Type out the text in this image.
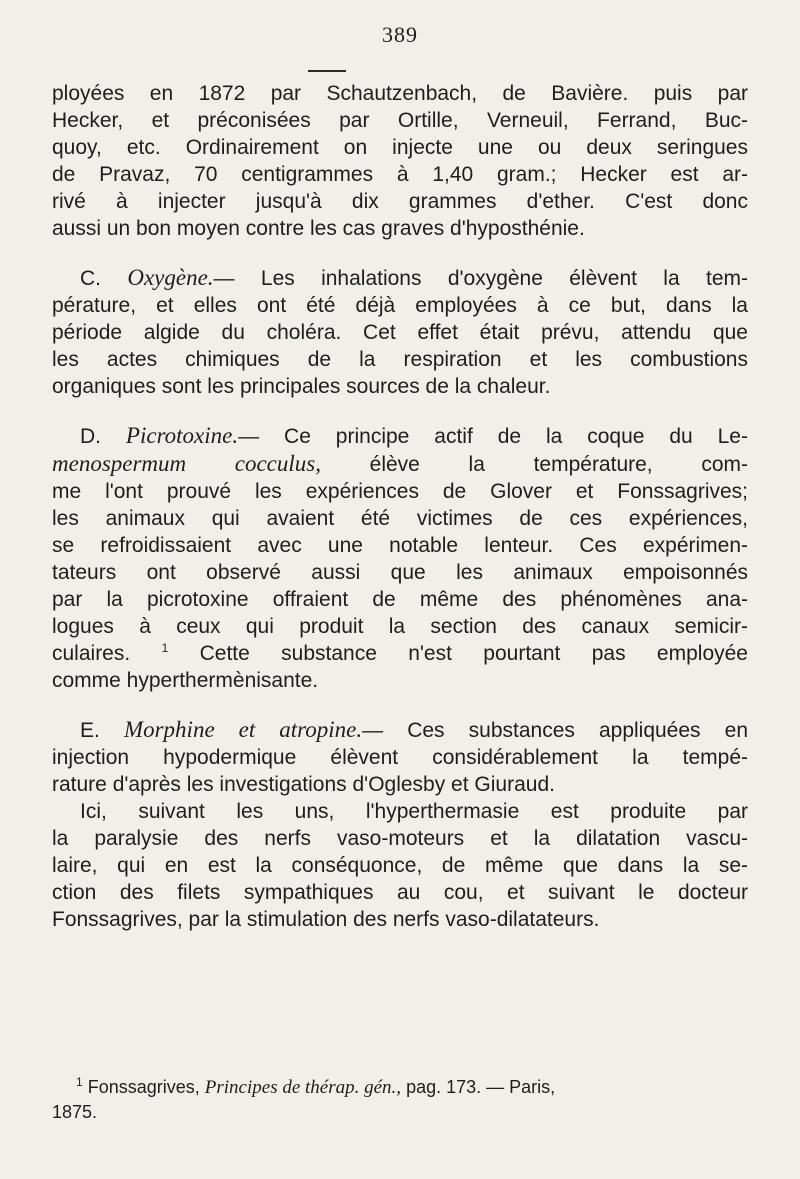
389
ployées en 1872 par Schautzenbach, de Bavière. puis par
Hecker, et préconisées par Ortille, Verneuil, Ferrand, Buc-
quoy, etc. Ordinairement on injecte une ou deux seringues
de Pravaz, 70 centigrammes à 1,40 gram.; Hecker est ar-
rivé à injecter jusqu'à dix grammes d'ether. C'est donc
aussi un bon moyen contre les cas graves d'hyposthénie.
C. Oxygène.— Les inhalations d'oxygène élèvent la tem-
pérature, et elles ont été déjà employées à ce but, dans la
période algide du choléra. Cet effet était prévu, attendu que
les actes chimiques de la respiration et les combustions
organiques sont les principales sources de la chaleur.
D. Picrotoxine.— Ce principe actif de la coque du Le-
menospermum cocculus, élève la température, com-
me l'ont prouvé les expériences de Glover et Fonssagrives;
les animaux qui avaient été victimes de ces expériences,
se refroidissaient avec une notable lenteur. Ces expérimen-
tateurs ont observé aussi que les animaux empoisonnés
par la picrotoxine offraient de même des phénomènes ana-
logues à ceux qui produit la section des canaux semicir-
culaires.	$^1$ Cette substance n'est pourtant pas employée
comme hyperthermènisante.
E. Morphine et atropine.— Ces substances appliquées en
injection hypodermique élèvent considérablement la tempé-
rature d'après les investigations d'Oglesby et Giuraud.
Ici, suivant les uns, l'hyperthermasie est produite par
la paralysie des nerfs vaso-moteurs et la dilatation vascu-
laire, qui en est la conséquonce, de même que dans la se-
ction des filets sympathiques au cou, et suivant le docteur
Fonssagrives, par la stimulation des nerfs vaso-dilatateurs.
$^1$ Fonssagrives, Principes de thérap. gén., pag. 173. — Paris,
1875.
